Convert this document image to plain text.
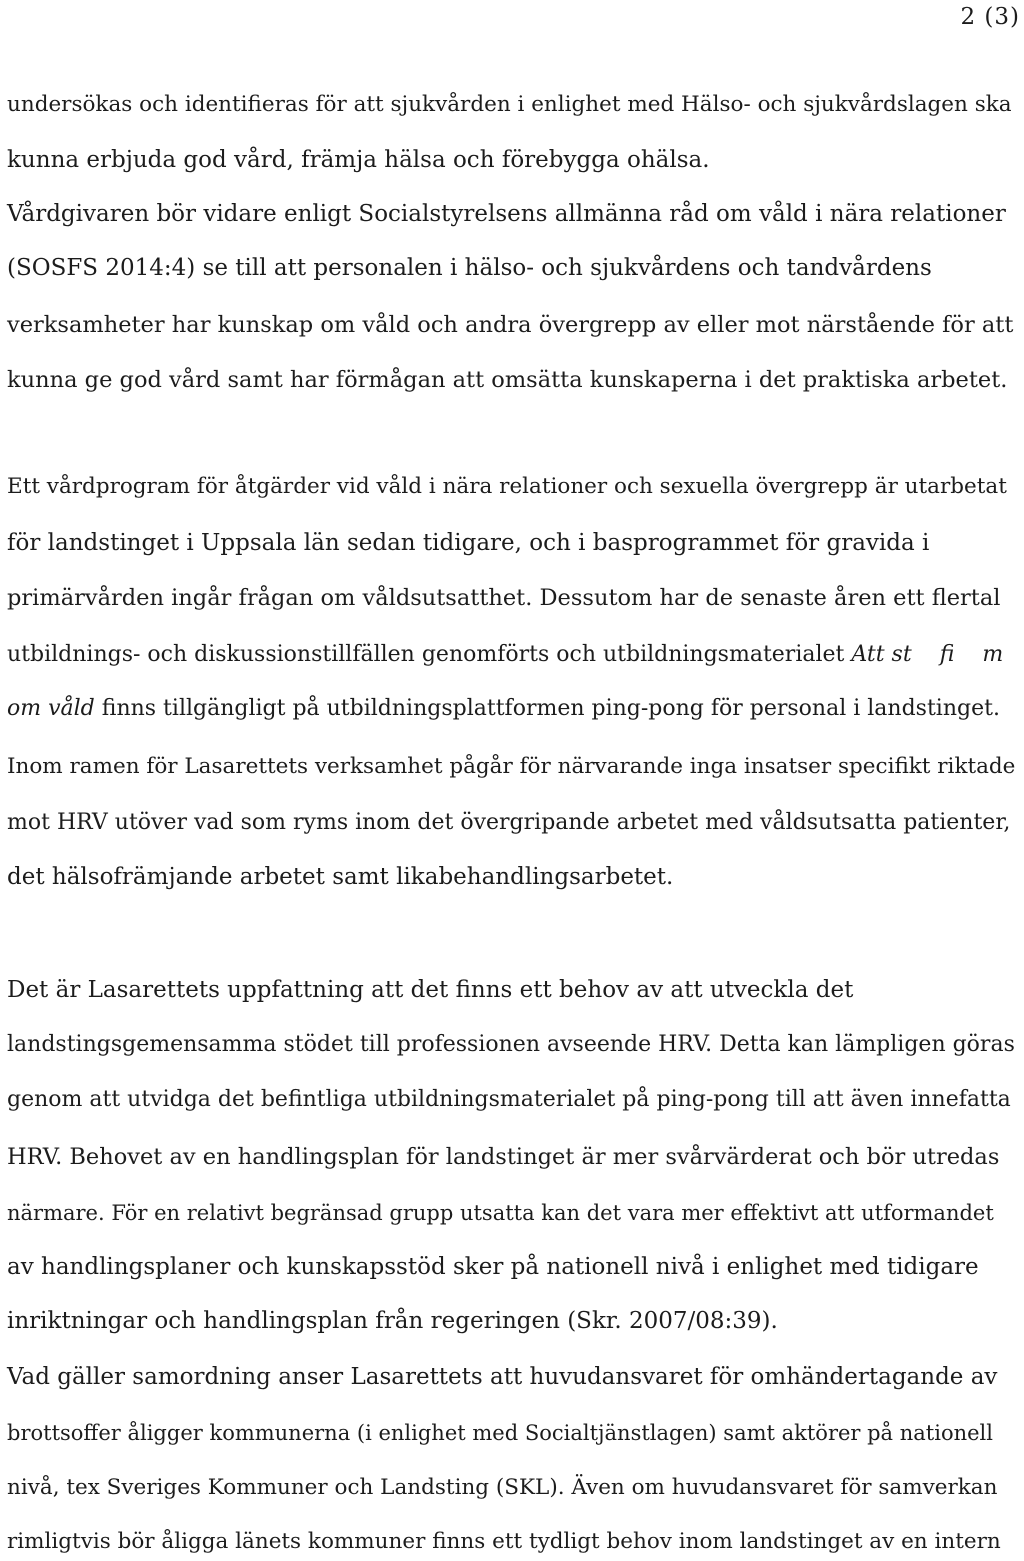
2 (3)
undersökas och identifieras för att sjukvården i enlighet med Hälso- och sjukvårdslagen ska
kunna erbjuda god vård, främja hälsa och förebygga ohälsa.
Vårdgivaren bör vidare enligt Socialstyrelsens allmänna råd om våld i nära relationer
(SOSFS 2014:4) se till att personalen i hälso- och sjukvårdens och tandvårdens
verksamheter har kunskap om våld och andra övergrepp av eller mot närstående för att
kunna ge god vård samt har förmågan att omsätta kunskaperna i det praktiska arbetet.
Ett vårdprogram för åtgärder vid våld i nära relationer och sexuella övergrepp är utarbetat
för landstinget i Uppsala län sedan tidigare, och i basprogrammet för gravida i
primärvården ingår frågan om våldsutsatthet. Dessutom har de senaste åren ett flertal
utbildnings- och diskussionstillfällen genomförts och utbildningsmaterialet Att st fi m
om våld finns tillgängligt på utbildningsplattformen ping-pong för personal i landstinget.
Inom ramen för Lasarettets verksamhet pågår för närvarande inga insatser specifikt riktade
mot HRV utöver vad som ryms inom det övergripande arbetet med våldsutsatta patienter,
det hälsofrämjande arbetet samt likabehandlingsarbetet.
Det är Lasarettets uppfattning att det finns ett behov av att utveckla det
landstingsgemensamma stödet till professionen avseende HRV. Detta kan lämpligen göras
genom att utvidga det befintliga utbildningsmaterialet på ping-pong till att även innefatta
HRV. Behovet av en handlingsplan för landstinget är mer svårvärderat och bör utredas
närmare. För en relativt begränsad grupp utsatta kan det vara mer effektivt att utformandet
av handlingsplaner och kunskapsstöd sker på nationell nivå i enlighet med tidigare
inriktningar och handlingsplan från regeringen (Skr. 2007/08:39).
Vad gäller samordning anser Lasarettets att huvudansvaret för omhändertagande av
brottsoffer åligger kommunerna (i enlighet med Socialtjänstlagen) samt aktörer på nationell
nivå, tex Sveriges Kommuner och Landsting (SKL). Även om huvudansvaret för samverkan
rimligtvis bör åligga länets kommuner finns ett tydligt behov inom landstinget av en intern
